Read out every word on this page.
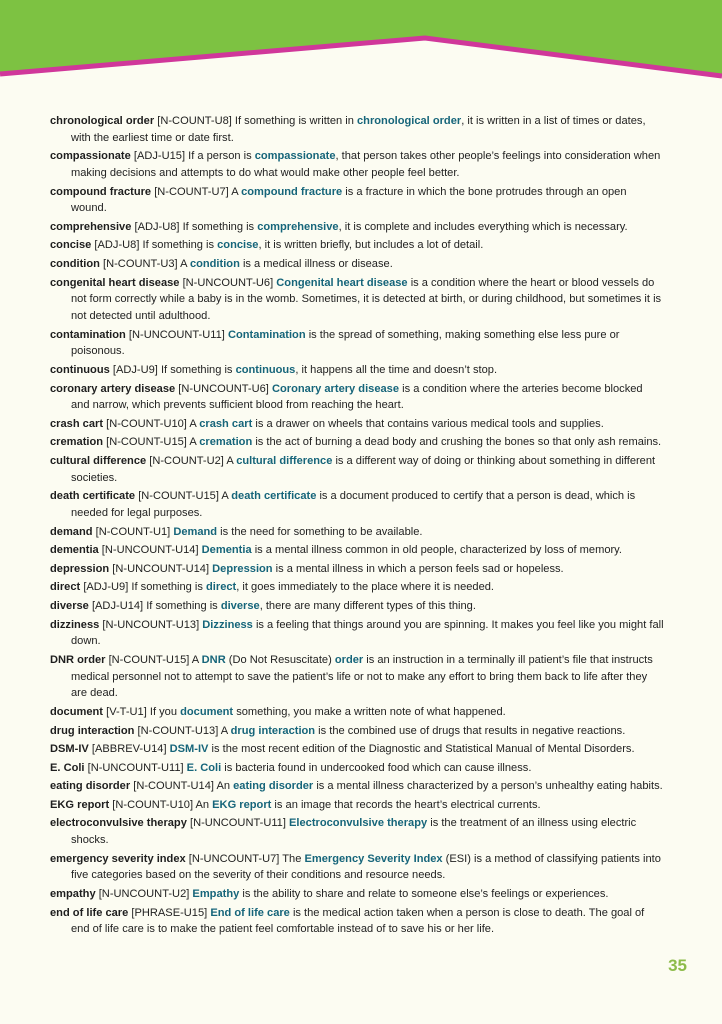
chronological order [N-COUNT-U8] If something is written in chronological order, it is written in a list of times or dates, with the earliest time or date first.

compassionate [ADJ-U15] If a person is compassionate, that person takes other people’s feelings into consideration when making decisions and attempts to do what would make other people feel better.

compound fracture [N-COUNT-U7] A compound fracture is a fracture in which the bone protrudes through an open wound.

comprehensive [ADJ-U8] If something is comprehensive, it is complete and includes everything which is necessary.

concise [ADJ-U8] If something is concise, it is written briefly, but includes a lot of detail.

condition [N-COUNT-U3] A condition is a medical illness or disease.

congenital heart disease [N-UNCOUNT-U6] Congenital heart disease is a condition where the heart or blood vessels do not form correctly while a baby is in the womb. Sometimes, it is detected at birth, or during childhood, but sometimes it is not detected until adulthood.

contamination [N-UNCOUNT-U11] Contamination is the spread of something, making something else less pure or poisonous.

continuous [ADJ-U9] If something is continuous, it happens all the time and doesn’t stop.

coronary artery disease [N-UNCOUNT-U6] Coronary artery disease is a condition where the arteries become blocked and narrow, which prevents sufficient blood from reaching the heart.

crash cart [N-COUNT-U10] A crash cart is a drawer on wheels that contains various medical tools and supplies.

cremation [N-COUNT-U15] A cremation is the act of burning a dead body and crushing the bones so that only ash remains.

cultural difference [N-COUNT-U2] A cultural difference is a different way of doing or thinking about something in different societies.

death certificate [N-COUNT-U15] A death certificate is a document produced to certify that a person is dead, which is needed for legal purposes.

demand [N-COUNT-U1] Demand is the need for something to be available.

dementia [N-UNCOUNT-U14] Dementia is a mental illness common in old people, characterized by loss of memory.

depression [N-UNCOUNT-U14] Depression is a mental illness in which a person feels sad or hopeless.

direct [ADJ-U9] If something is direct, it goes immediately to the place where it is needed.

diverse [ADJ-U14] If something is diverse, there are many different types of this thing.

dizziness [N-UNCOUNT-U13] Dizziness is a feeling that things around you are spinning. It makes you feel like you might fall down.

DNR order [N-COUNT-U15] A DNR (Do Not Resuscitate) order is an instruction in a terminally ill patient’s file that instructs medical personnel not to attempt to save the patient’s life or not to make any effort to bring them back to life after they are dead.

document [V-T-U1] If you document something, you make a written note of what happened.

drug interaction [N-COUNT-U13] A drug interaction is the combined use of drugs that results in negative reactions.

DSM-IV [ABBREV-U14] DSM-IV is the most recent edition of the Diagnostic and Statistical Manual of Mental Disorders.

E. Coli [N-UNCOUNT-U11] E. Coli is bacteria found in undercooked food which can cause illness.

eating disorder [N-COUNT-U14] An eating disorder is a mental illness characterized by a person’s unhealthy eating habits.

EKG report [N-COUNT-U10] An EKG report is an image that records the heart’s electrical currents.

electroconvulsive therapy [N-UNCOUNT-U11] Electroconvulsive therapy is the treatment of an illness using electric shocks.

emergency severity index [N-UNCOUNT-U7] The Emergency Severity Index (ESI) is a method of classifying patients into five categories based on the severity of their conditions and resource needs.

empathy [N-UNCOUNT-U2] Empathy is the ability to share and relate to someone else’s feelings or experiences.

end of life care [PHRASE-U15] End of life care is the medical action taken when a person is close to death. The goal of end of life care is to make the patient feel comfortable instead of to save his or her life.

35
